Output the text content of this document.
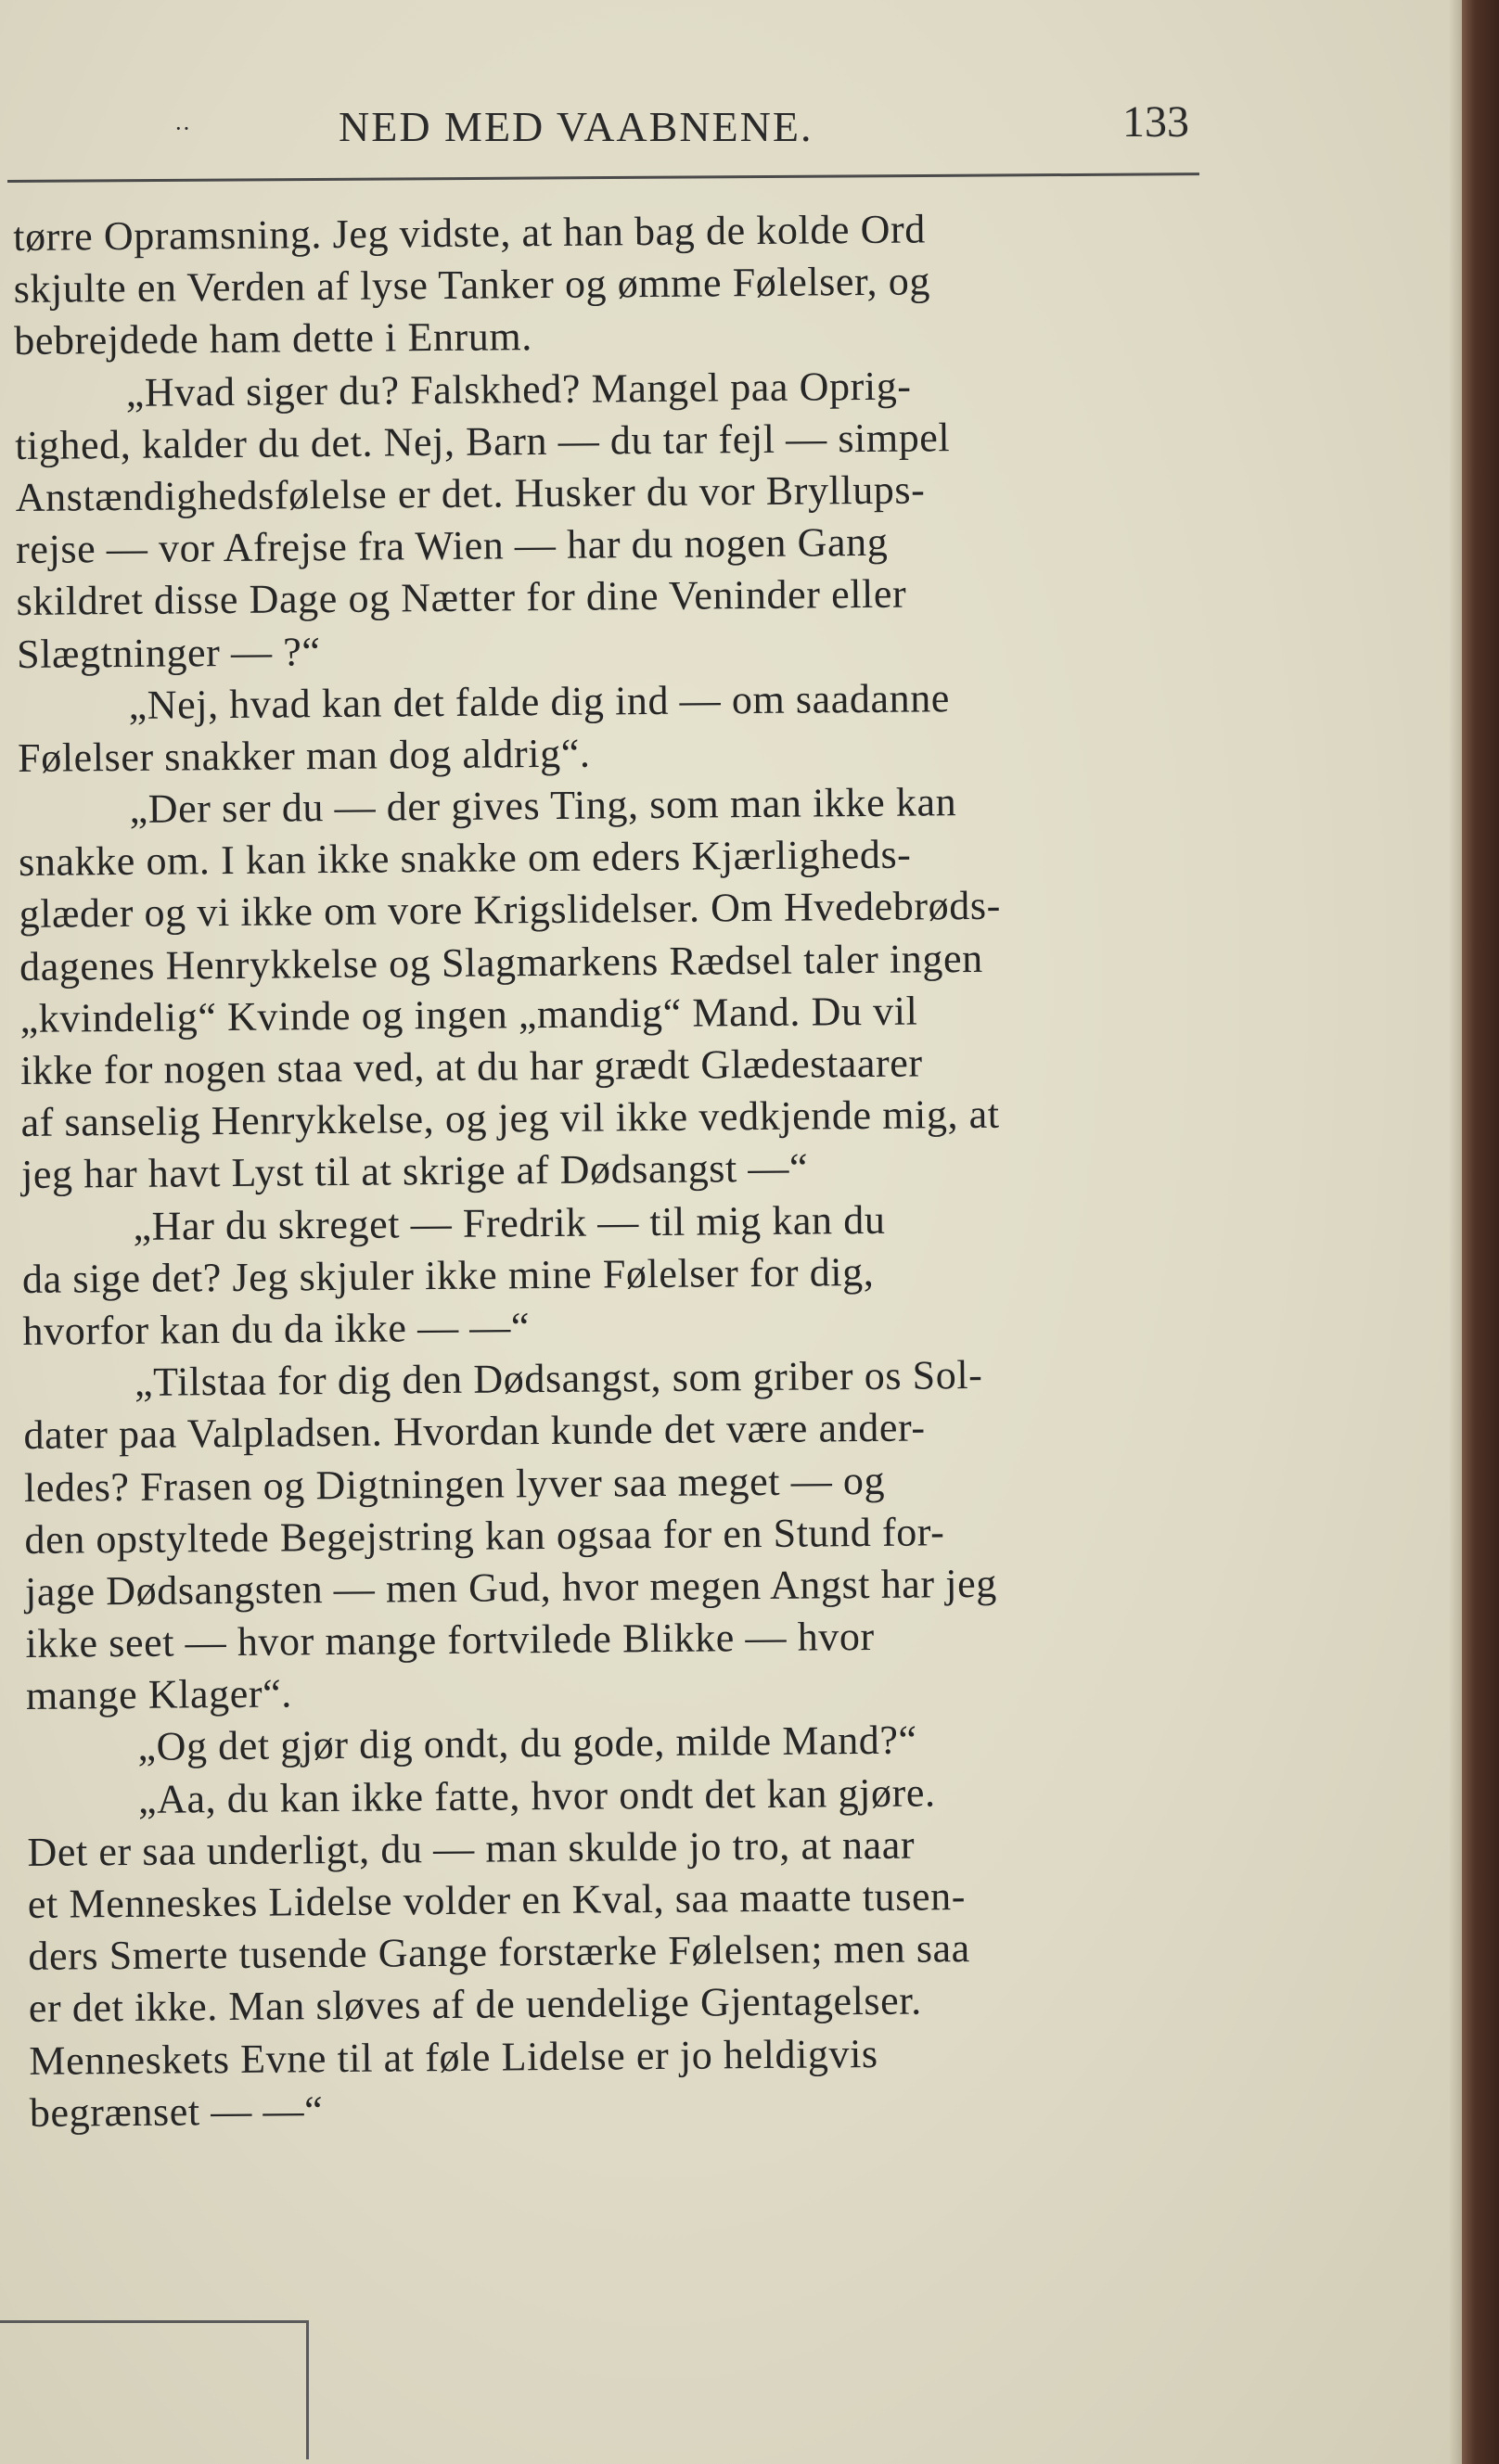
··	NED MED VAABNENE.	133
tørre Opramsning. Jeg vidste, at han bag de kolde Ord
skjulte en Verden af lyse Tanker og ømme Følelser, og
bebrejdede ham dette i Enrum.
„Hvad siger du? Falskhed? Mangel paa Oprig-
tighed, kalder du det. Nej, Barn — du tar fejl — simpel
Anstændighedsfølelse er det. Husker du vor Bryllups-
rejse — vor Afrejse fra Wien — har du nogen Gang
skildret disse Dage og Nætter for dine Veninder eller
Slægtninger — ?“
„Nej, hvad kan det falde dig ind — om saadanne
Følelser snakker man dog aldrig“.
„Der ser du — der gives Ting, som man ikke kan
snakke om. I kan ikke snakke om eders Kjærligheds-
glæder og vi ikke om vore Krigslidelser. Om Hvedebrøds-
dagenes Henrykkelse og Slagmarkens Rædsel taler ingen
„kvindelig“ Kvinde og ingen „mandig“ Mand. Du vil
ikke for nogen staa ved, at du har grædt Glædestaarer
af sanselig Henrykkelse, og jeg vil ikke vedkjende mig, at
jeg har havt Lyst til at skrige af Dødsangst —“
„Har du skreget — Fredrik — til mig kan du
da sige det? Jeg skjuler ikke mine Følelser for dig,
hvorfor kan du da ikke — —“
„Tilstaa for dig den Dødsangst, som griber os Sol-
dater paa Valpladsen. Hvordan kunde det være ander-
ledes? Frasen og Digtningen lyver saa meget — og
den opstyltede Begejstring kan ogsaa for en Stund for-
jage Dødsangsten — men Gud, hvor megen Angst har jeg
ikke seet — hvor mange fortvilede Blikke — hvor
mange Klager“.
„Og det gjør dig ondt, du gode, milde Mand?“
„Aa, du kan ikke fatte, hvor ondt det kan gjøre.
Det er saa underligt, du — man skulde jo tro, at naar
et Menneskes Lidelse volder en Kval, saa maatte tusen-
ders Smerte tusende Gange forstærke Følelsen; men saa
er det ikke. Man sløves af de uendelige Gjentagelser.
Menneskets Evne til at føle Lidelse er jo heldigvis
begrænset — —“
